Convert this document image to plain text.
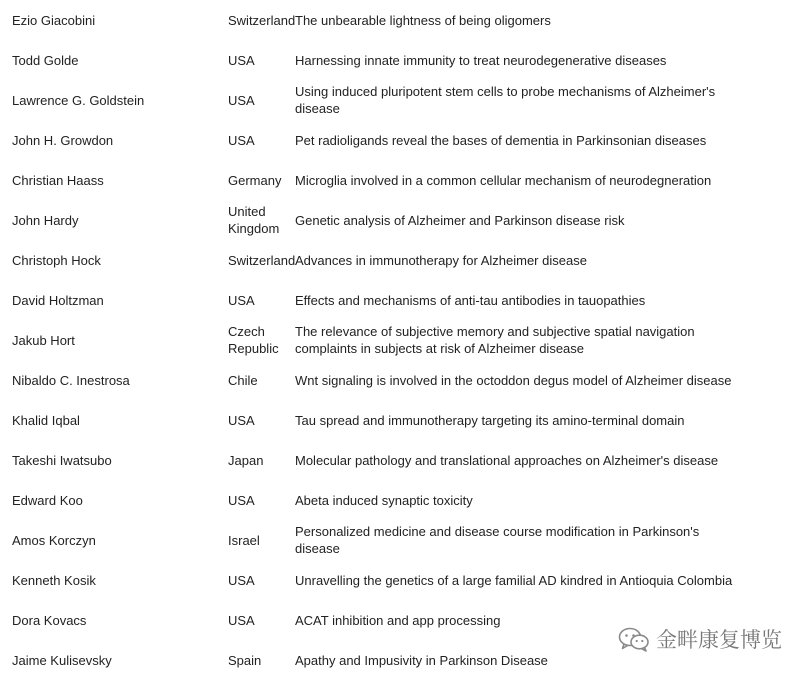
Ezio Giacobini	Switzerland	The unbearable lightness of being oligomers
Todd Golde	USA	Harnessing innate immunity to treat neurodegenerative diseases
Lawrence G. Goldstein	USA	Using induced pluripotent stem cells to probe mechanisms of Alzheimer's disease
John H. Growdon	USA	Pet radioligands reveal the bases of dementia in Parkinsonian diseases
Christian Haass	Germany	Microglia involved in a common cellular mechanism of neurodegneration
John Hardy	United Kingdom	Genetic analysis of Alzheimer and Parkinson disease risk
Christoph Hock	Switzerland	Advances in immunotherapy for Alzheimer disease
David Holtzman	USA	Effects and mechanisms of anti-tau antibodies in tauopathies
Jakub Hort	Czech Republic	The relevance of subjective memory and subjective spatial navigation complaints in subjects at risk of Alzheimer disease
Nibaldo C. Inestrosa	Chile	Wnt signaling is involved in the octoddon degus model of Alzheimer disease
Khalid Iqbal	USA	Tau spread and immunotherapy targeting its amino-terminal domain
Takeshi Iwatsubo	Japan	Molecular pathology and translational approaches on Alzheimer's disease
Edward Koo	USA	Abeta induced synaptic toxicity
Amos Korczyn	Israel	Personalized medicine and disease course modification in Parkinson's disease
Kenneth Kosik	USA	Unravelling the genetics of a large familial AD kindred in Antioquia Colombia
Dora Kovacs	USA	ACAT inhibition and app processing
Jaime Kulisevsky	Spain	Apathy and Impusivity in Parkinson Disease
金畔康复博览
